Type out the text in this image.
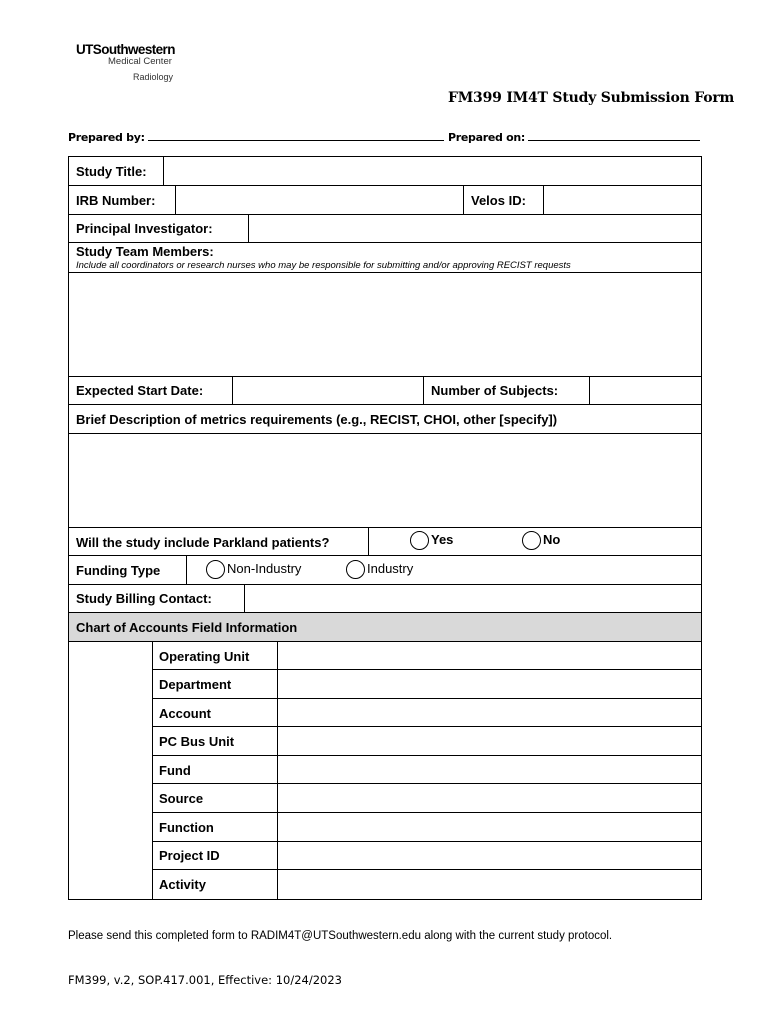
UTSouthwestern
Medical Center
Radiology
FM399 IM4T Study Submission Form
Prepared by:	Prepared on:
Study Title:
IRB Number:	Velos ID:
Principal Investigator:
Study Team Members:
Include all coordinators or research nurses who may be responsible for submitting and/or approving RECIST requests
Expected Start Date:	Number of Subjects:
Brief Description of metrics requirements (e.g., RECIST, CHOI, other [specify])
Will the study include Parkland patients?	Yes	No
Funding Type	Non-Industry	Industry
Study Billing Contact:
Chart of Accounts Field Information
Operating Unit
Department
Account
PC Bus Unit
Fund
Source
Function
Project ID
Activity
Please send this completed form to RADIM4T@UTSouthwestern.edu along with the current study protocol.
FM399, v.2, SOP.417.001, Effective: 10/24/2023
